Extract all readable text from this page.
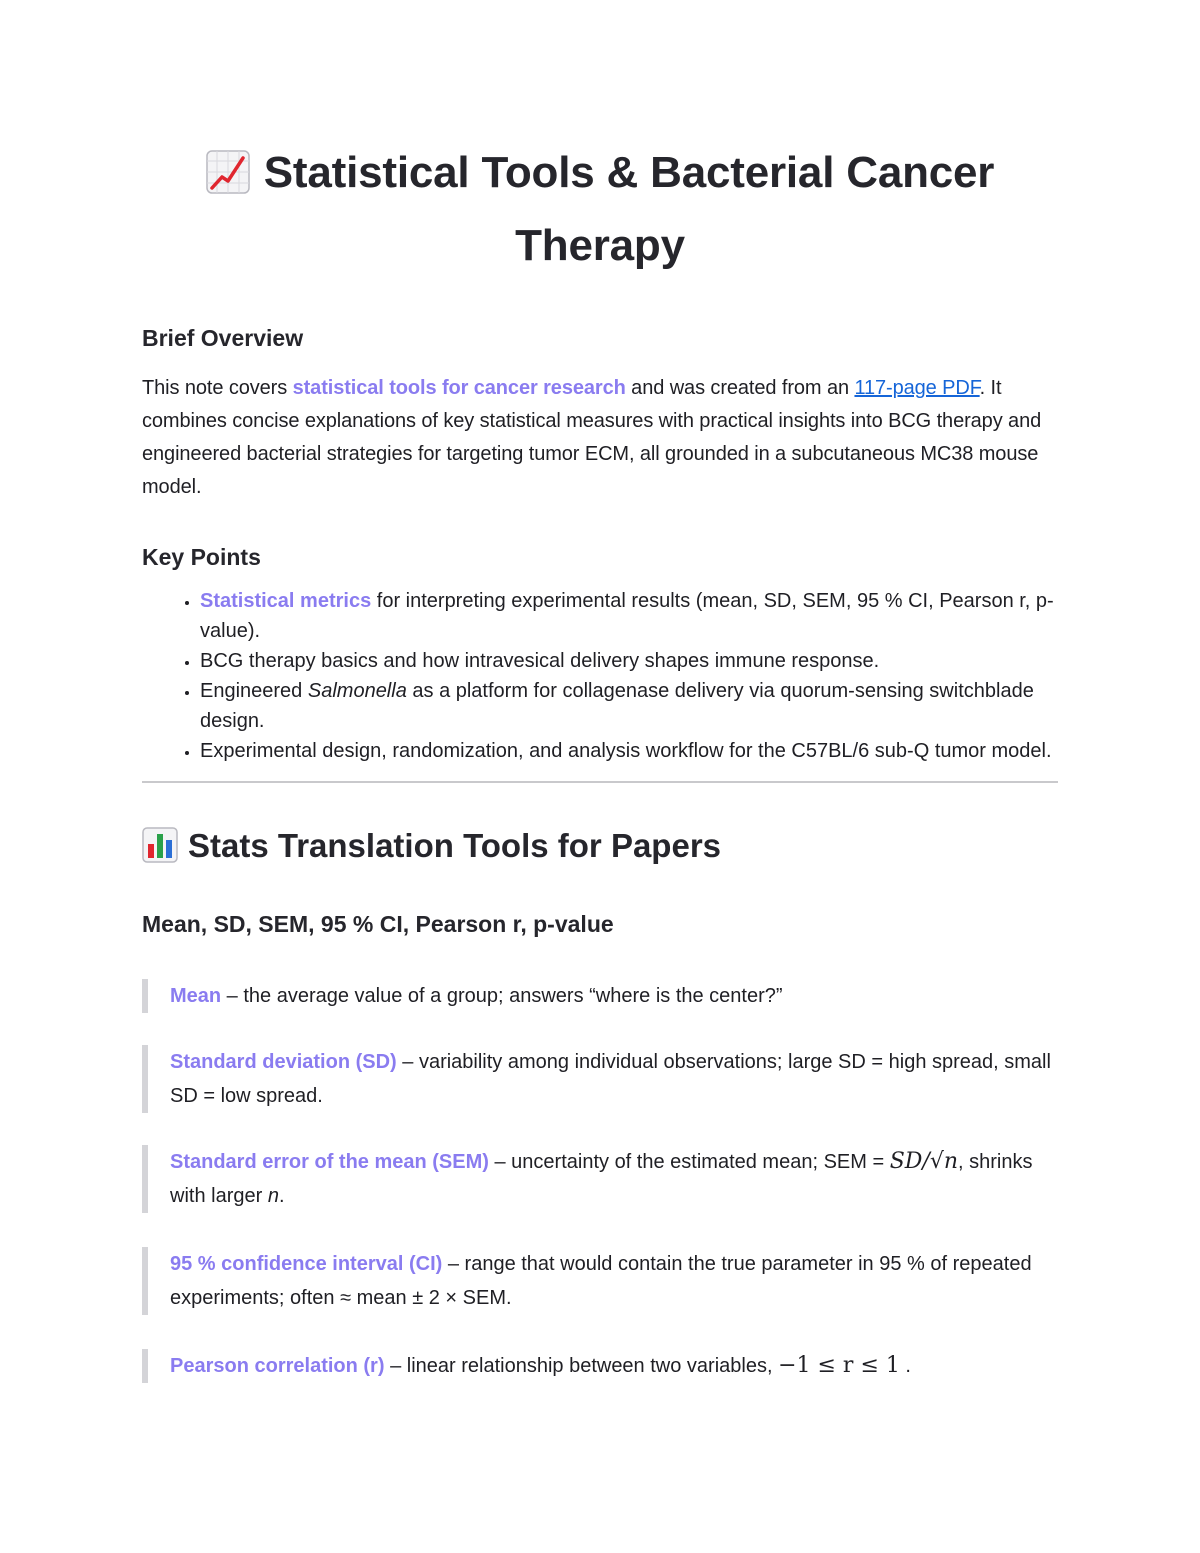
Statistical Tools & Bacterial Cancer Therapy
Brief Overview

This note covers statistical tools for cancer research and was created from an 117-page PDF. It combines concise explanations of key statistical measures with practical insights into BCG therapy and engineered bacterial strategies for targeting tumor ECM, all grounded in a subcutaneous MC38 mouse model.

Key Points
• Statistical metrics for interpreting experimental results (mean, SD, SEM, 95 % CI, Pearson r, p-value).
• BCG therapy basics and how intravesical delivery shapes immune response.
• Engineered Salmonella as a platform for collagenase delivery via quorum-sensing switchblade design.
• Experimental design, randomization, and analysis workflow for the C57BL/6 sub-Q tumor model.
Stats Translation Tools for Papers
Mean, SD, SEM, 95 % CI, Pearson r, p-value
Mean – the average value of a group; answers “where is the center?”
Standard deviation (SD) – variability among individual observations; large SD = high spread, small SD = low spread.
Standard error of the mean (SEM) – uncertainty of the estimated mean; SEM = SD/√n, shrinks with larger n.
95 % confidence interval (CI) – range that would contain the true parameter in 95 % of repeated experiments; often ≈ mean ± 2 × SEM.
Pearson correlation (r) – linear relationship between two variables, −1 ≤ r ≤ 1 .
